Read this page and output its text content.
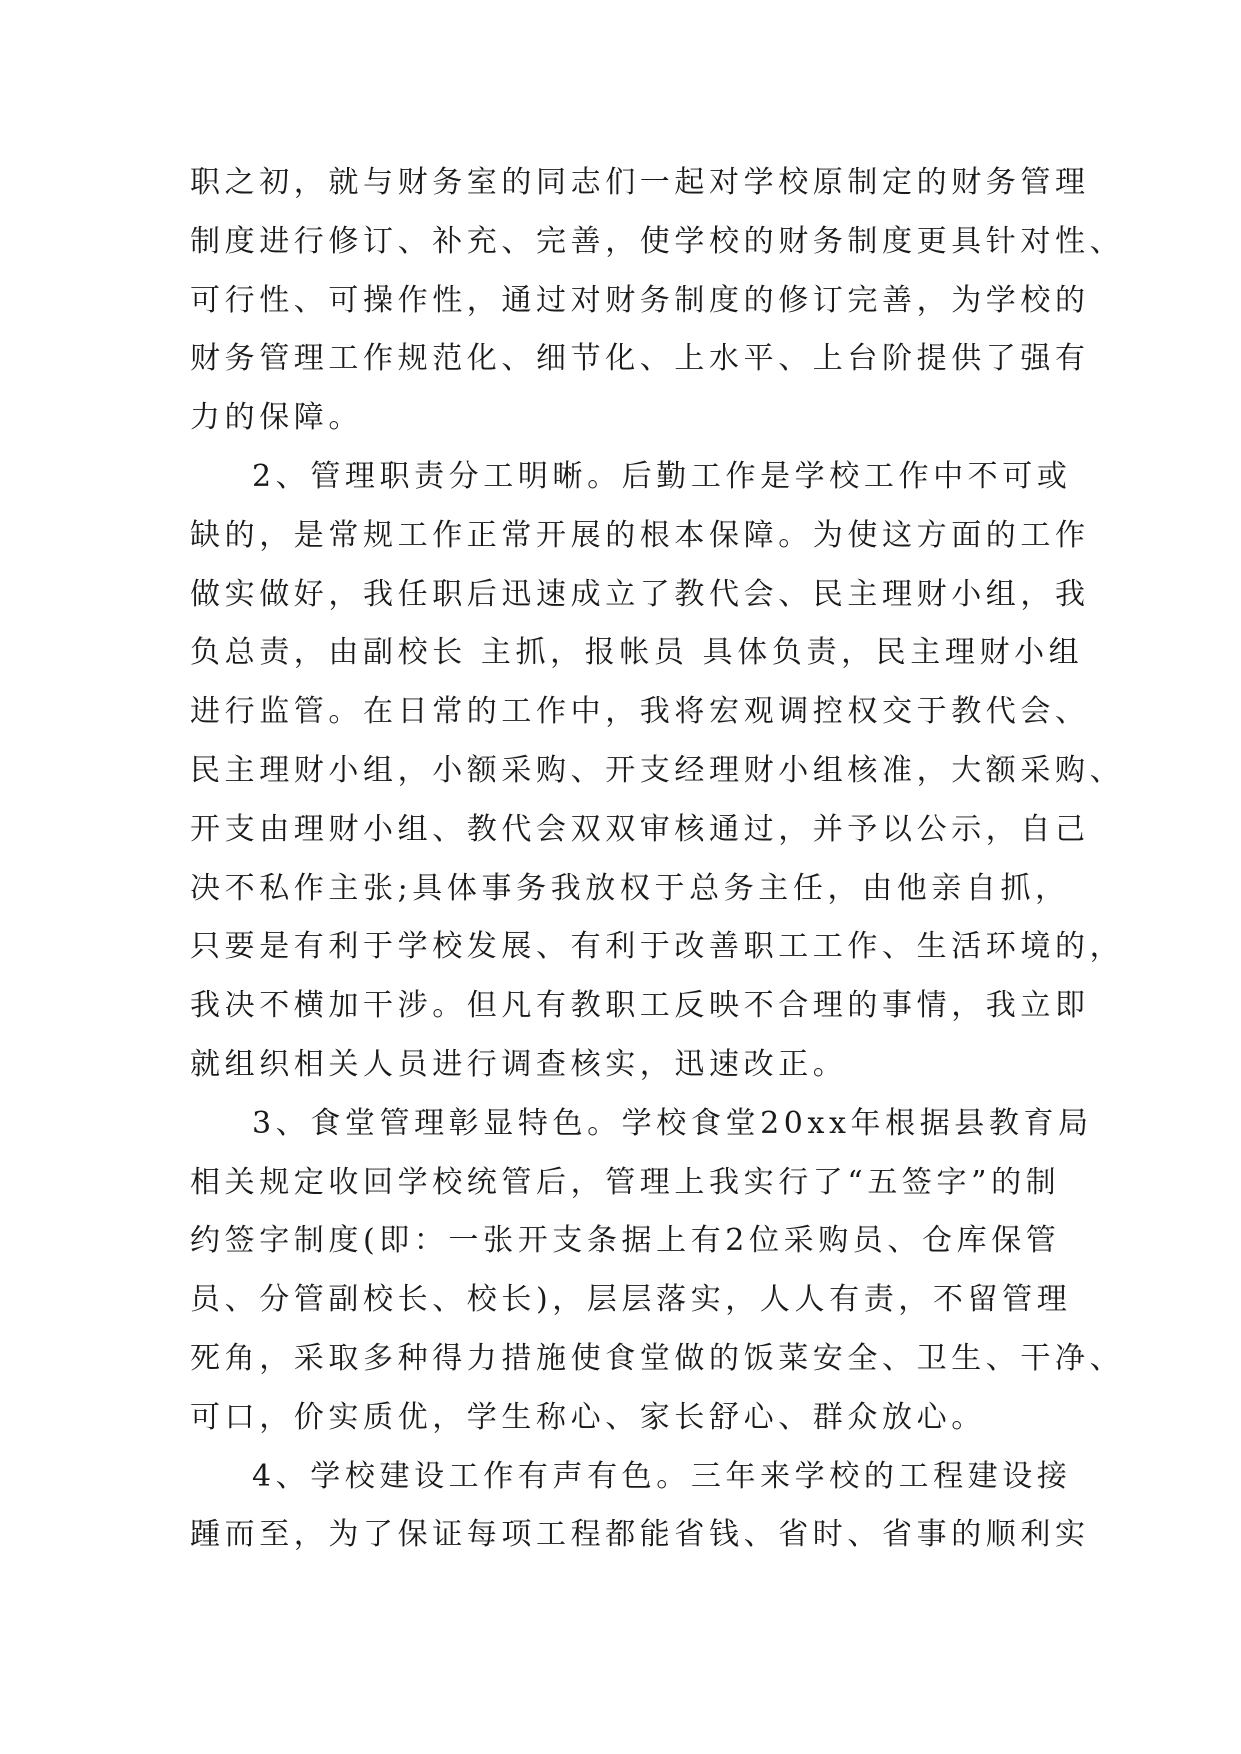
职之初，就与财务室的同志们一起对学校原制定的财务管理
制度进行修订、补充、完善，使学校的财务制度更具针对性、
可行性、可操作性，通过对财务制度的修订完善，为学校的
财务管理工作规范化、细节化、上水平、上台阶提供了强有
力的保障。
2、管理职责分工明晰。后勤工作是学校工作中不可或
缺的，是常规工作正常开展的根本保障。为使这方面的工作
做实做好，我任职后迅速成立了教代会、民主理财小组，我
负总责，由副校长 主抓，报帐员 具体负责，民主理财小组
进行监管。在日常的工作中，我将宏观调控权交于教代会、
民主理财小组，小额采购、开支经理财小组核准，大额采购、
开支由理财小组、教代会双双审核通过，并予以公示，自己
决不私作主张;具体事务我放权于总务主任，由他亲自抓，
只要是有利于学校发展、有利于改善职工工作、生活环境的，
我决不横加干涉。但凡有教职工反映不合理的事情，我立即
就组织相关人员进行调查核实，迅速改正。
3、食堂管理彰显特色。学校食堂20xx年根据县教育局
相关规定收回学校统管后，管理上我实行了“五签字”的制
约签字制度(即：一张开支条据上有2位采购员、仓库保管
员、分管副校长、校长)，层层落实，人人有责，不留管理
死角，采取多种得力措施使食堂做的饭菜安全、卫生、干净、
可口，价实质优，学生称心、家长舒心、群众放心。
4、学校建设工作有声有色。三年来学校的工程建设接
踵而至，为了保证每项工程都能省钱、省时、省事的顺利实
